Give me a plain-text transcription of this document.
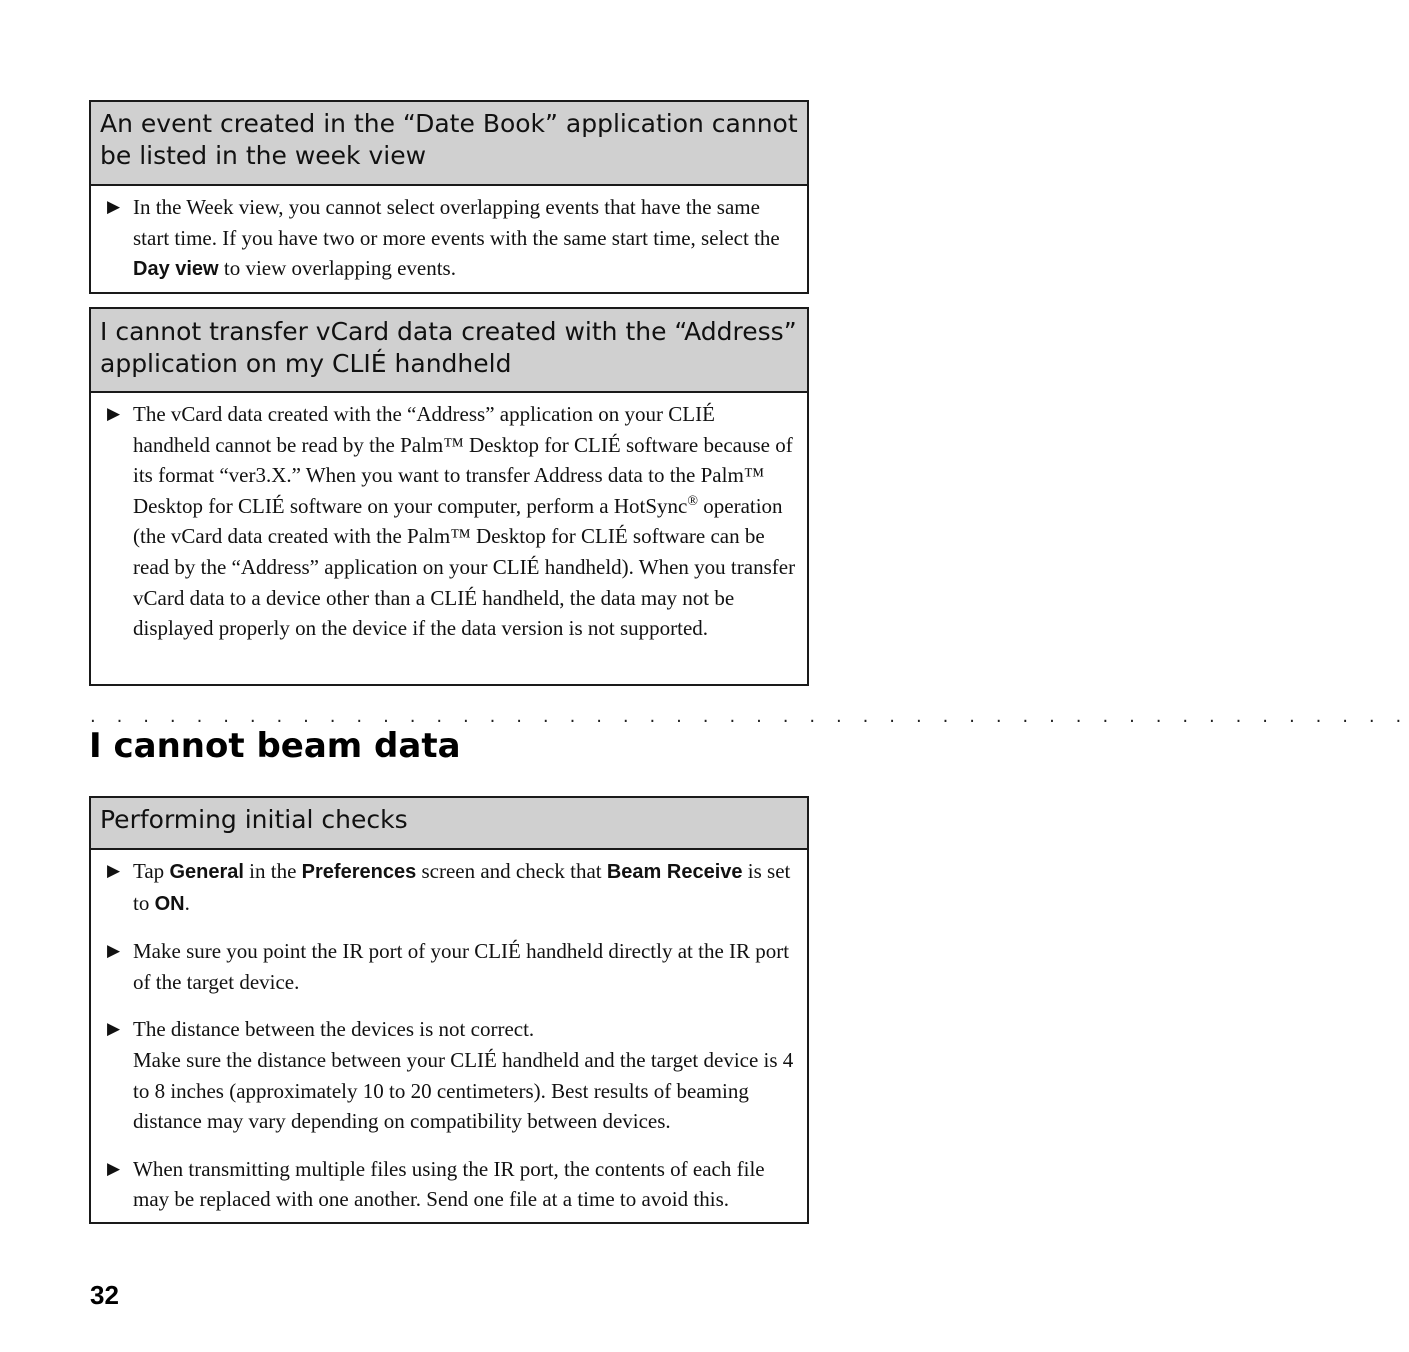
An event created in the “Date Book” application cannot be listed in the week view
▶ In the Week view, you cannot select overlapping events that have the same start time. If you have two or more events with the same start time, select the Day view to view overlapping events.
I cannot transfer vCard data created with the “Address” application on my CLIÉ handheld
▶ The vCard data created with the “Address” application on your CLIÉ handheld cannot be read by the Palm™ Desktop for CLIÉ software because of its format “ver3.X.” When you want to transfer Address data to the Palm™ Desktop for CLIÉ software on your computer, perform a HotSync® operation (the vCard data created with the Palm™ Desktop for CLIÉ software can be read by the “Address” application on your CLIÉ handheld). When you transfer vCard data to a device other than a CLIÉ handheld, the data may not be displayed properly on the device if the data version is not supported.
. . . . . . . . . . . . . . . . . . . . . . . . . . . . . . . . . . . . . . . . . . . . . . . . . .
I cannot beam data
Performing initial checks
▶ Tap General in the Preferences screen and check that Beam Receive is set to ON.
▶ Make sure you point the IR port of your CLIÉ handheld directly at the IR port of the target device.
▶ The distance between the devices is not correct.
Make sure the distance between your CLIÉ handheld and the target device is 4 to 8 inches (approximately 10 to 20 centimeters). Best results of beaming distance may vary depending on compatibility between devices.
▶ When transmitting multiple files using the IR port, the contents of each file may be replaced with one another. Send one file at a time to avoid this.
32
